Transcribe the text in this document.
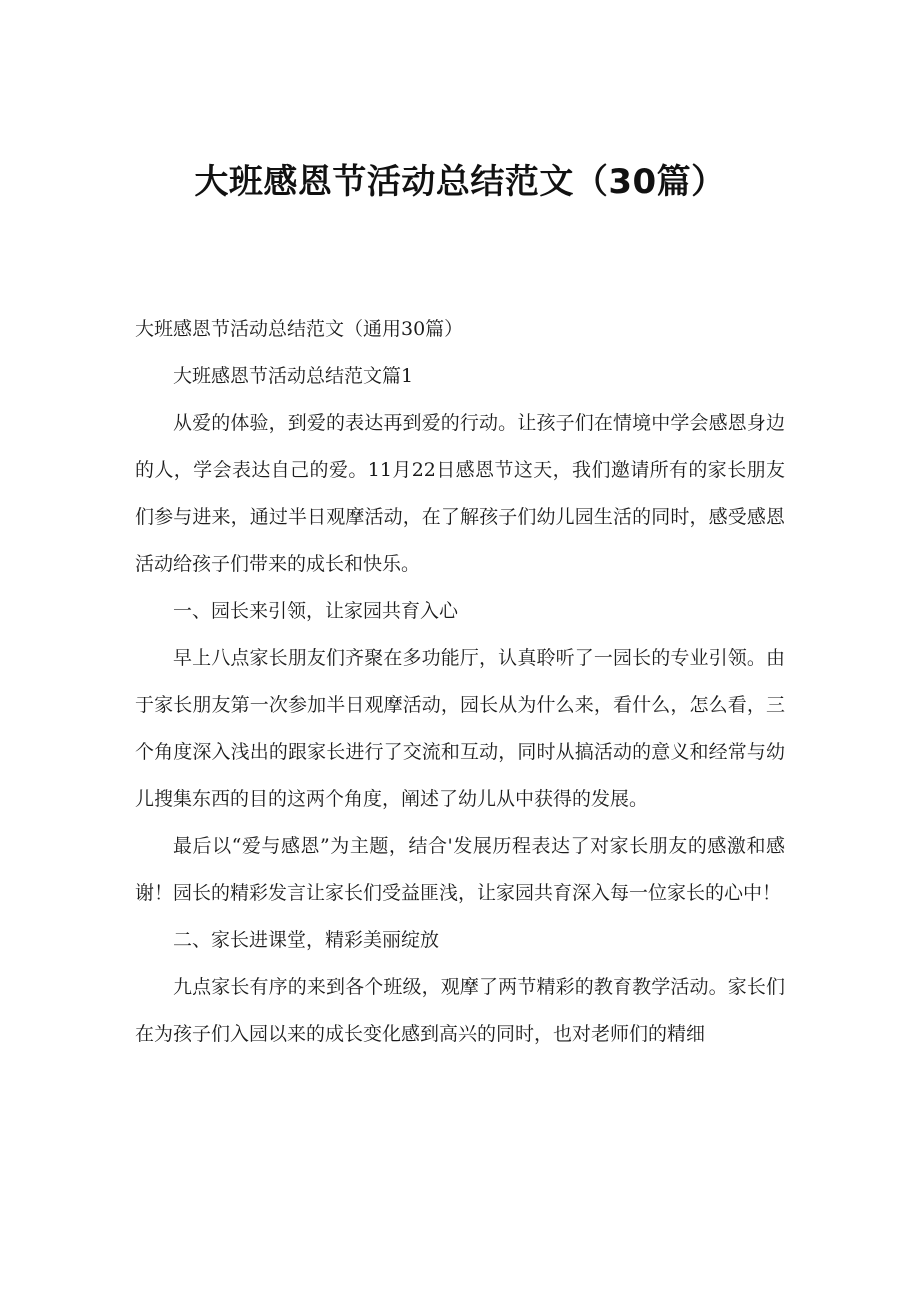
大班感恩节活动总结范文（30篇）

大班感恩节活动总结范文（通用30篇）

大班感恩节活动总结范文篇1

从爱的体验，到爱的表达再到爱的行动。让孩子们在情境中学会感恩身边的人，学会表达自己的爱。11月22日感恩节这天，我们邀请所有的家长朋友们参与进来，通过半日观摩活动，在了解孩子们幼儿园生活的同时，感受感恩活动给孩子们带来的成长和快乐。

一、园长来引领，让家园共育入心

早上八点家长朋友们齐聚在多功能厅，认真聆听了一园长的专业引领。由于家长朋友第一次参加半日观摩活动，园长从为什么来，看什么，怎么看，三个角度深入浅出的跟家长进行了交流和互动，同时从搞活动的意义和经常与幼儿搜集东西的目的这两个角度，阐述了幼儿从中获得的发展。

最后以“爱与感恩”为主题，结合'发展历程表达了对家长朋友的感激和感谢！园长的精彩发言让家长们受益匪浅，让家园共育深入每一位家长的心中！

二、家长进课堂，精彩美丽绽放

九点家长有序的来到各个班级，观摩了两节精彩的教育教学活动。家长们在为孩子们入园以来的成长变化感到高兴的同时，也对老师们的精细
